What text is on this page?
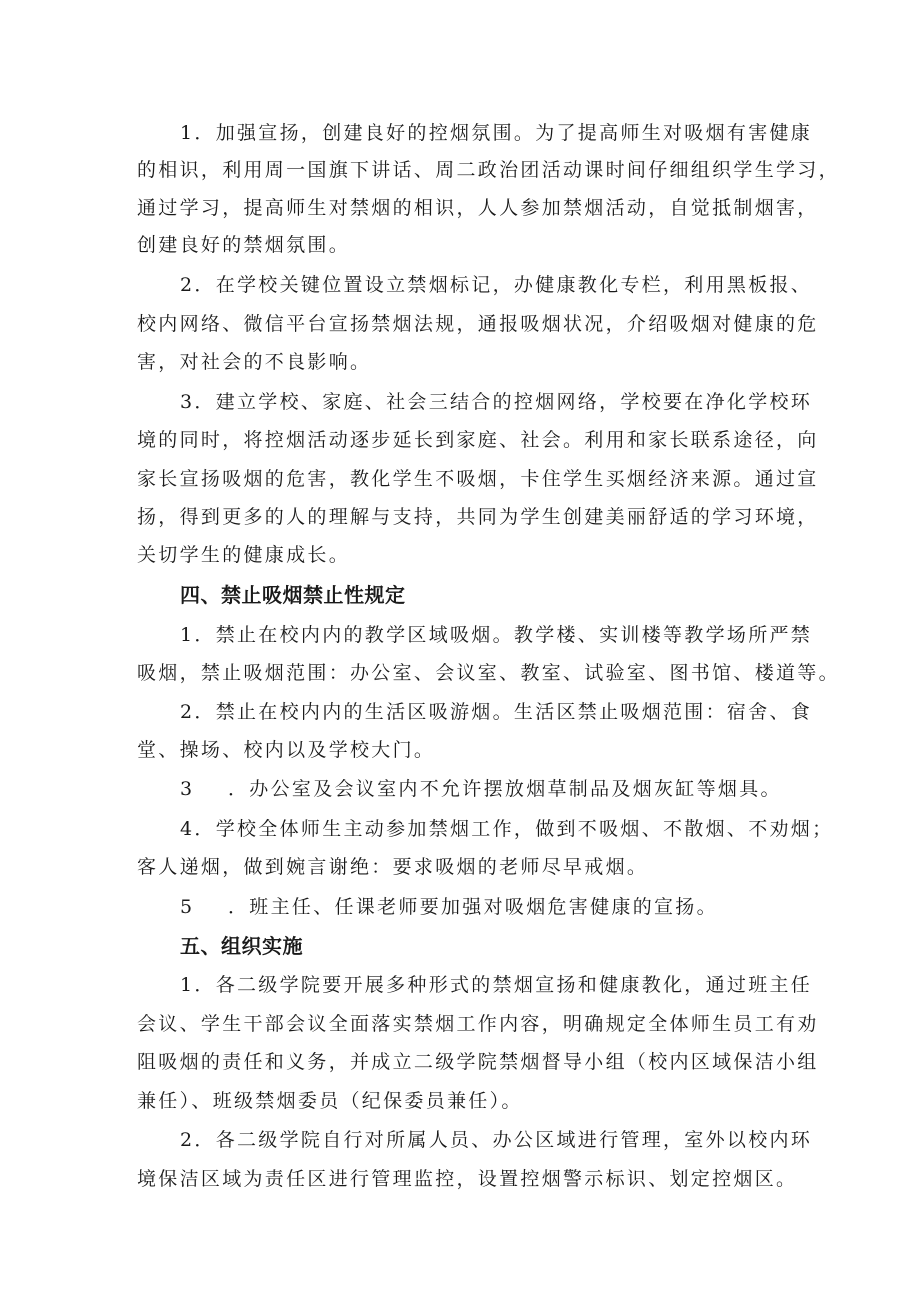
1．加强宣扬，创建良好的控烟氛围。为了提高师生对吸烟有害健康
的相识，利用周一国旗下讲话、周二政治团活动课时间仔细组织学生学习，
通过学习，提高师生对禁烟的相识，人人参加禁烟活动，自觉抵制烟害，
创建良好的禁烟氛围。
2．在学校关键位置设立禁烟标记，办健康教化专栏，利用黑板报、
校内网络、微信平台宣扬禁烟法规，通报吸烟状况，介绍吸烟对健康的危
害，对社会的不良影响。
3．建立学校、家庭、社会三结合的控烟网络，学校要在净化学校环
境的同时，将控烟活动逐步延长到家庭、社会。利用和家长联系途径，向
家长宣扬吸烟的危害，教化学生不吸烟，卡住学生买烟经济来源。通过宣
扬，得到更多的人的理解与支持，共同为学生创建美丽舒适的学习环境，
关切学生的健康成长。
四、禁止吸烟禁止性规定
1．禁止在校内内的教学区域吸烟。教学楼、实训楼等教学场所严禁
吸烟，禁止吸烟范围：办公室、会议室、教室、试验室、图书馆、楼道等。
2．禁止在校内内的生活区吸游烟。生活区禁止吸烟范围：宿舍、食
堂、操场、校内以及学校大门。
3 ．办公室及会议室内不允许摆放烟草制品及烟灰缸等烟具。
4．学校全体师生主动参加禁烟工作，做到不吸烟、不散烟、不劝烟；
客人递烟，做到婉言谢绝：要求吸烟的老师尽早戒烟。
5 ．班主任、任课老师要加强对吸烟危害健康的宣扬。
五、组织实施
1．各二级学院要开展多种形式的禁烟宣扬和健康教化，通过班主任
会议、学生干部会议全面落实禁烟工作内容，明确规定全体师生员工有劝
阻吸烟的责任和义务，并成立二级学院禁烟督导小组（校内区域保洁小组
兼任）、班级禁烟委员（纪保委员兼任）。
2．各二级学院自行对所属人员、办公区域进行管理，室外以校内环
境保洁区域为责任区进行管理监控，设置控烟警示标识、划定控烟区。
